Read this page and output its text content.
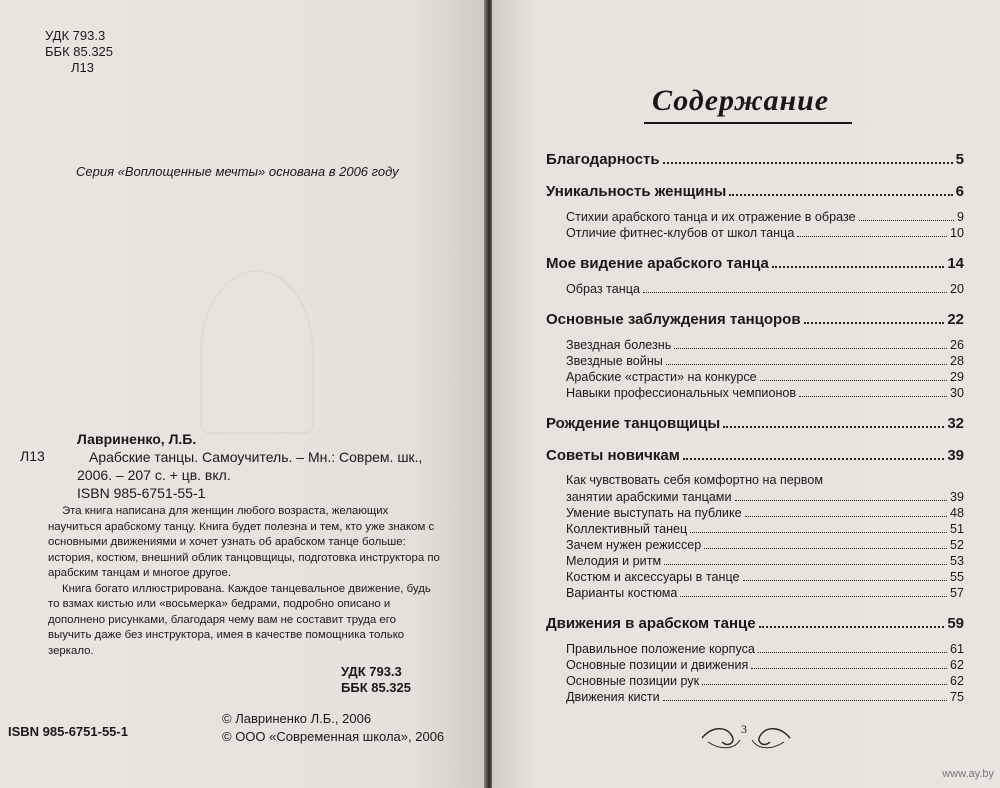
УДК 793.3
ББК 85.325
Л13
Серия «Воплощенные мечты» основана в 2006 году
Л13
Лавриненко, Л.Б.
Арабские танцы. Самоучитель. – Мн.: Соврем. шк.,
2006. – 207 с. + цв. вкл.
ISBN 985-6751-55-1

Эта книга написана для женщин любого возраста, желающих научиться арабскому танцу. Книга будет полезна и тем, кто уже знаком с основными движениями и хочет узнать об арабском танце больше: история, костюм, внешний облик танцовщицы, подготовка инструктора по арабским танцам и многое другое.

Книга богато иллюстрирована. Каждое танцевальное движение, будь то взмах кистью или «восьмерка» бедрами, подробно описано и дополнено рисунками, благодаря чему вам не составит труда его выучить даже без инструктора, имея в качестве помощника только зеркало.

УДК 793.3
ББК 85.325
ISBN 985-6751-55-1
© Лавриненко Л.Б., 2006
© ООО «Современная школа», 2006
Содержание
Благодарность	5
Уникальность женщины	6
Стихии арабского танца и их отражение в образе	9
Отличие фитнес-клубов от школ танца	10
Мое видение арабского танца	14
Образ танца	20
Основные заблуждения танцоров	22
Звездная болезнь	26
Звездные войны	28
Арабские «страсти» на конкурсе	29
Навыки профессиональных чемпионов	30
Рождение танцовщицы	32
Советы новичкам	39
Как чувствовать себя комфортно на первом
занятии арабскими танцами	39
Умение выступать на публике	48
Коллективный танец	51
Зачем нужен режиссер	52
Мелодия и ритм	53
Костюм и аксессуары в танце	55
Варианты костюма	57
Движения в арабском танце	59
Правильное положение корпуса	61
Основные позиции и движения	62
Основные позиции рук	62
Движения кисти	75
3
www.ay.by
